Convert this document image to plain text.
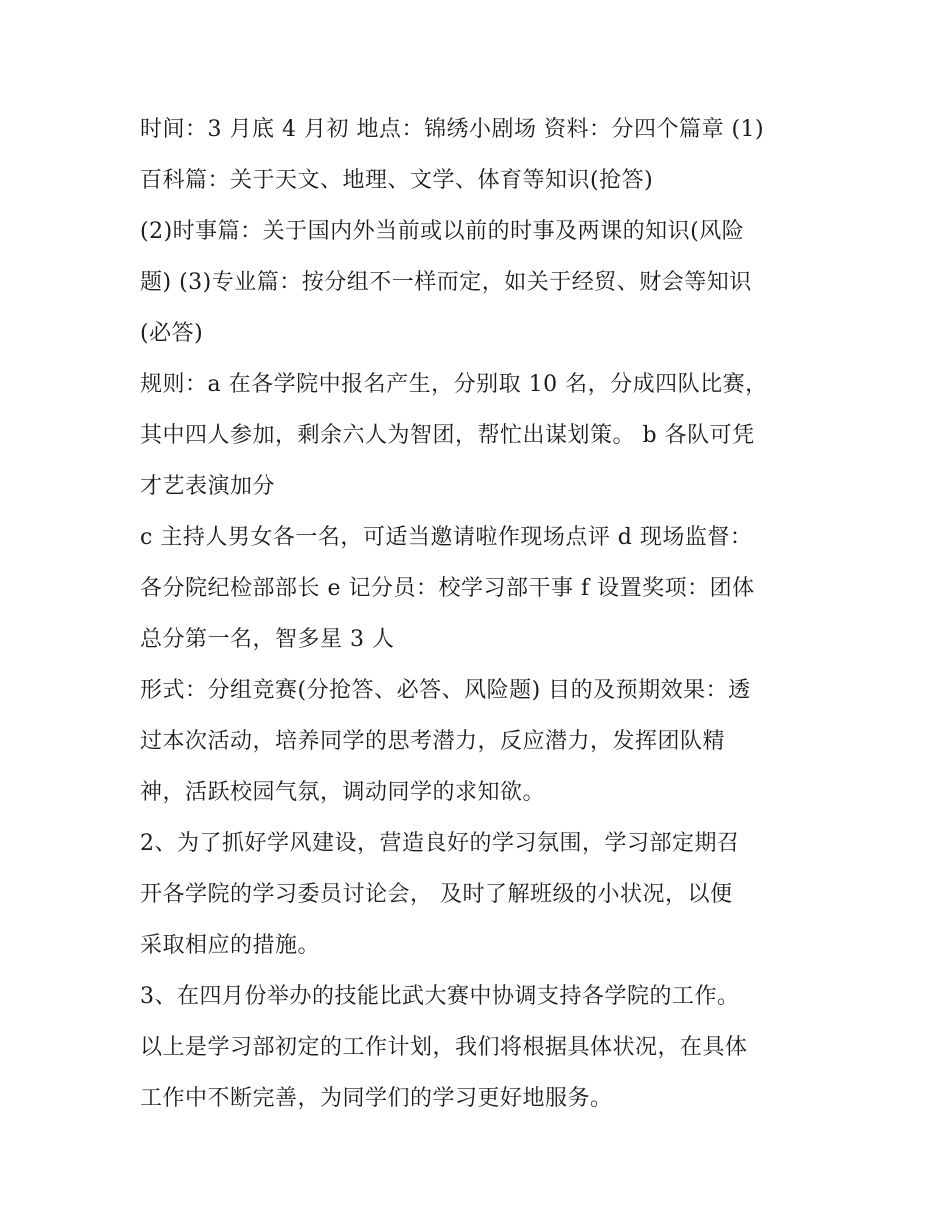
时间：3 月底 4 月初 地点：锦绣小剧场 资料：分四个篇章 (1)
百科篇：关于天文、地理、文学、体育等知识(抢答)
(2)时事篇：关于国内外当前或以前的时事及两课的知识(风险
题) (3)专业篇：按分组不一样而定，如关于经贸、财会等知识
(必答)
规则：a 在各学院中报名产生，分别取 10 名，分成四队比赛，
其中四人参加，剩余六人为智团，帮忙出谋划策。 b 各队可凭
才艺表演加分
c 主持人男女各一名，可适当邀请啦作现场点评 d 现场监督：
各分院纪检部部长 e 记分员：校学习部干事 f 设置奖项：团体
总分第一名，智多星 3 人
形式：分组竞赛(分抢答、必答、风险题) 目的及预期效果：透
过本次活动，培养同学的思考潜力，反应潜力，发挥团队精
神，活跃校园气氛，调动同学的求知欲。
2、为了抓好学风建设，营造良好的学习氛围，学习部定期召
开各学院的学习委员讨论会， 及时了解班级的小状况，以便
采取相应的措施。
3、在四月份举办的技能比武大赛中协调支持各学院的工作。
以上是学习部初定的工作计划，我们将根据具体状况，在具体
工作中不断完善，为同学们的学习更好地服务。
